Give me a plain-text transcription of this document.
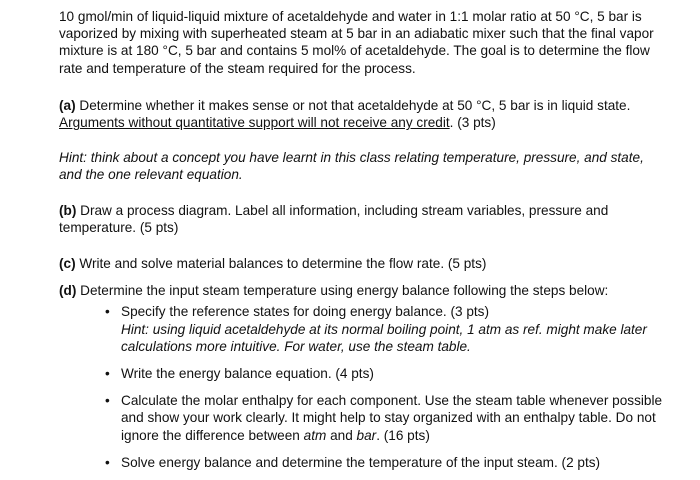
10 gmol/min of liquid-liquid mixture of acetaldehyde and water in 1:1 molar ratio at 50 °C, 5 bar is vaporized by mixing with superheated steam at 5 bar in an adiabatic mixer such that the final vapor mixture is at 180 °C, 5 bar and contains 5 mol% of acetaldehyde. The goal is to determine the flow rate and temperature of the steam required for the process.

(a) Determine whether it makes sense or not that acetaldehyde at 50 °C, 5 bar is in liquid state.
Arguments without quantitative support will not receive any credit. (3 pts)

Hint: think about a concept you have learnt in this class relating temperature, pressure, and state, and the one relevant equation.

(b) Draw a process diagram. Label all information, including stream variables, pressure and temperature. (5 pts)

(c) Write and solve material balances to determine the flow rate. (5 pts)

(d) Determine the input steam temperature using energy balance following the steps below:

• Specify the reference states for doing energy balance. (3 pts)
Hint: using liquid acetaldehyde at its normal boiling point, 1 atm as ref. might make later calculations more intuitive. For water, use the steam table.
• Write the energy balance equation. (4 pts)
• Calculate the molar enthalpy for each component. Use the steam table whenever possible and show your work clearly. It might help to stay organized with an enthalpy table. Do not ignore the difference between atm and bar. (16 pts)
• Solve energy balance and determine the temperature of the input steam. (2 pts)
